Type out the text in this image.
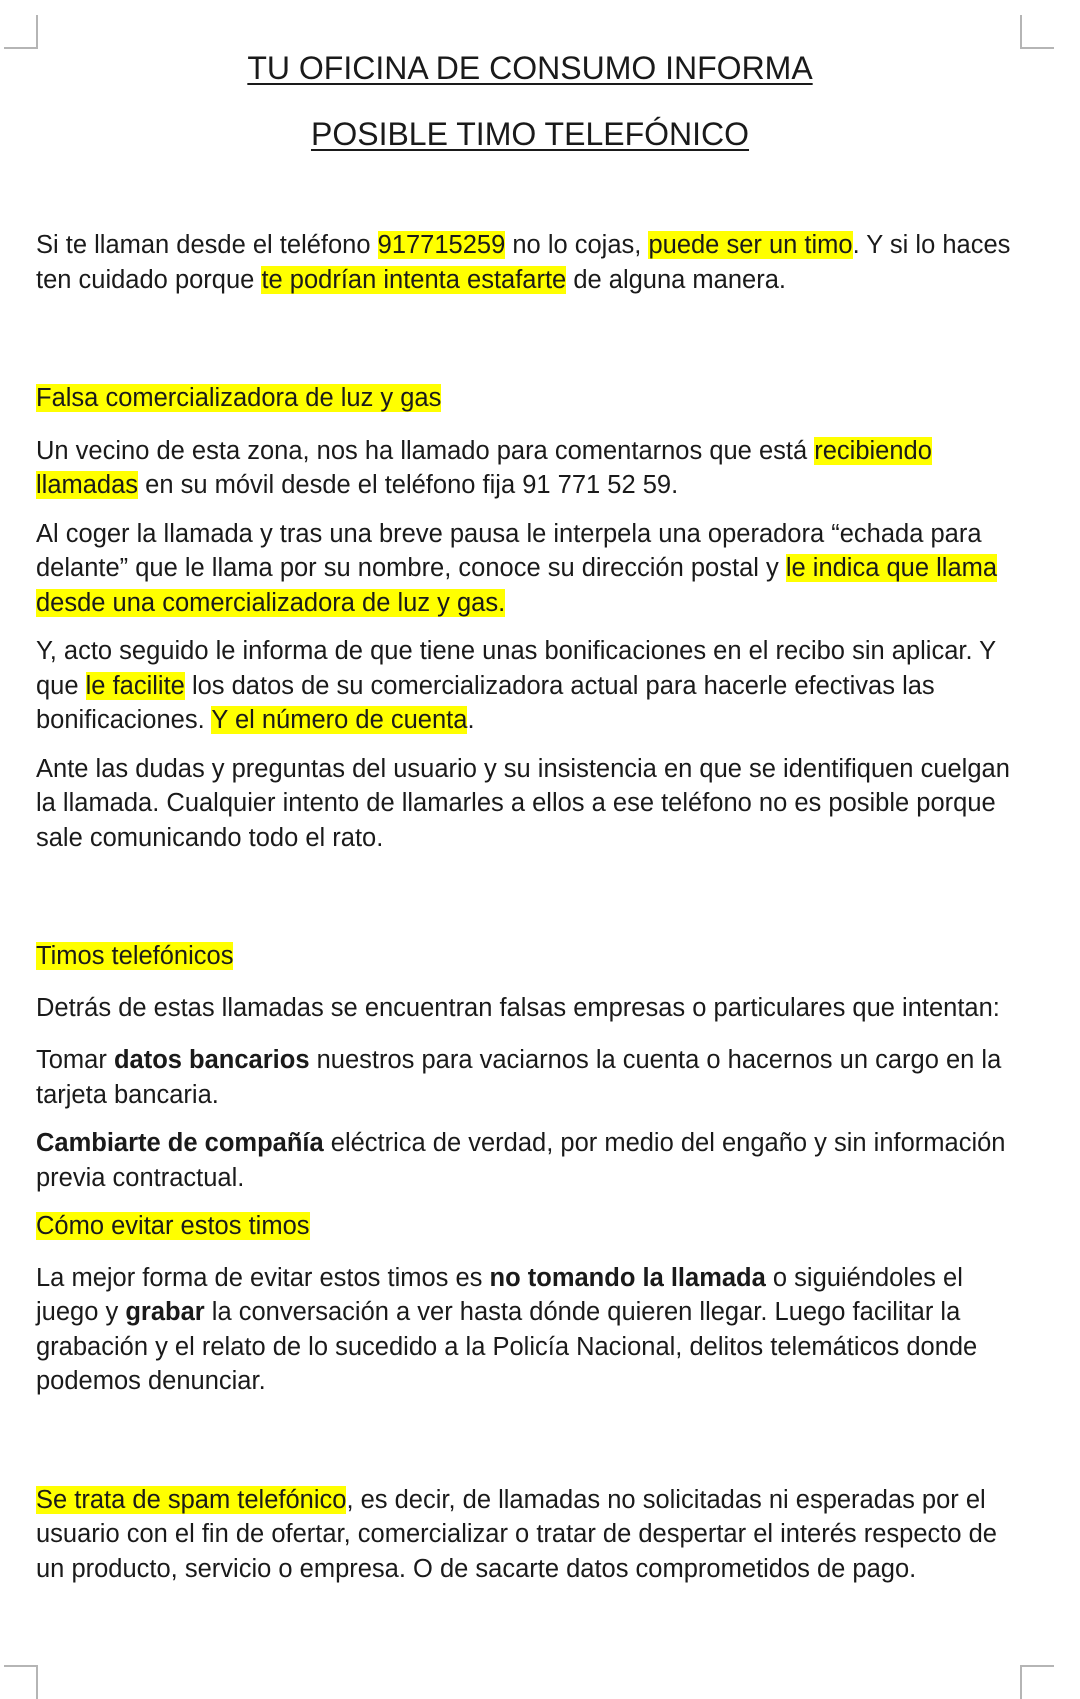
TU OFICINA DE CONSUMO INFORMA
POSIBLE TIMO TELEFÓNICO

Si te llaman desde el teléfono 917715259 no lo cojas, puede ser un timo. Y si lo haces ten cuidado porque te podrían intenta estafarte de alguna manera.

Falsa comercializadora de luz y gas

Un vecino de esta zona, nos ha llamado para comentarnos que está recibiendo llamadas en su móvil desde el teléfono fija 91 771 52 59.

Al coger la llamada y tras una breve pausa le interpela una operadora “echada para delante” que le llama por su nombre, conoce su dirección postal y le indica que llama desde una comercializadora de luz y gas.

Y, acto seguido le informa de que tiene unas bonificaciones en el recibo sin aplicar. Y que le facilite los datos de su comercializadora actual para hacerle efectivas las bonificaciones. Y el número de cuenta.

Ante las dudas y preguntas del usuario y su insistencia en que se identifiquen cuelgan la llamada. Cualquier intento de llamarles a ellos a ese teléfono no es posible porque sale comunicando todo el rato.

Timos telefónicos

Detrás de estas llamadas se encuentran falsas empresas o particulares que intentan:

Tomar datos bancarios nuestros para vaciarnos la cuenta o hacernos un cargo en la tarjeta bancaria.

Cambiarte de compañía eléctrica de verdad, por medio del engaño y sin información previa contractual.

Cómo evitar estos timos

La mejor forma de evitar estos timos es no tomando la llamada o siguiéndoles el juego y grabar la conversación a ver hasta dónde quieren llegar. Luego facilitar la grabación y el relato de lo sucedido a la Policía Nacional, delitos telemáticos donde podemos denunciar.

Se trata de spam telefónico, es decir, de llamadas no solicitadas ni esperadas por el usuario con el fin de ofertar, comercializar o tratar de despertar el interés respecto de un producto, servicio o empresa. O de sacarte datos comprometidos de pago.
